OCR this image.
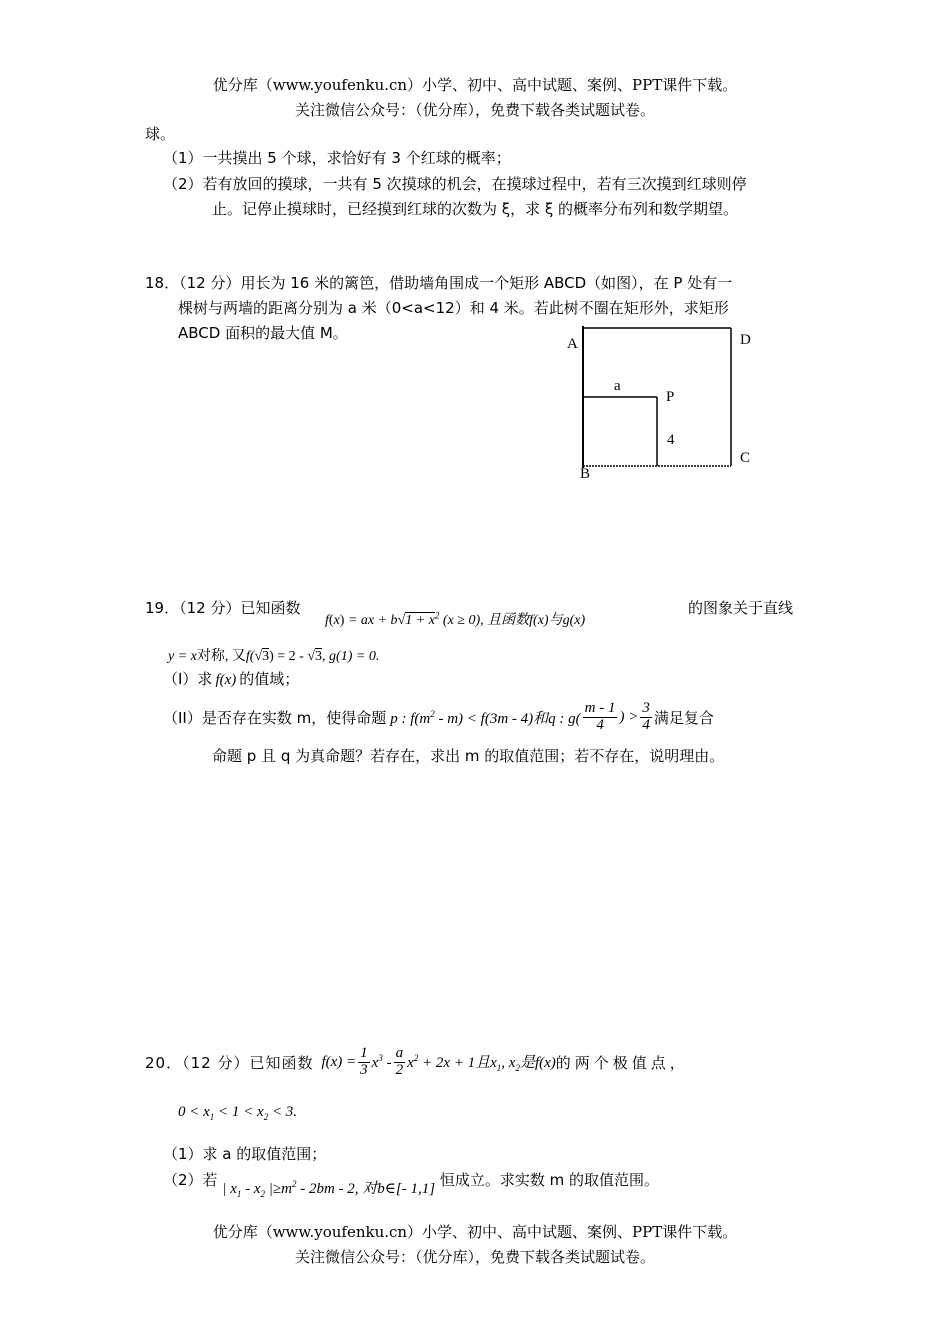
优分库（www.youfenku.cn）小学、初中、高中试题、案例、PPT课件下载。
关注微信公众号：（优分库），免费下载各类试题试卷。
球。
（1）一共摸出 5 个球，求恰好有 3 个红球的概率；
（2）若有放回的摸球，一共有 5 次摸球的机会，在摸球过程中，若有三次摸到红球则停
止。记停止摸球时，已经摸到红球的次数为 ξ，求 ξ 的概率分布列和数学期望。
18．（12 分）用长为 16 米的篱笆，借助墙角围成一个矩形 ABCD（如图），在 P 处有一
棵树与两墙的距离分别为 a 米（0<a<12）和 4 米。若此树不圈在矩形外，求矩形
ABCD 面积的最大值 M。
A
B
C
D
P
a
4
19．（12 分）已知函数
f(x) = ax + $b√1 + x^2$ (x ≥ 0), 且函数f(x)与g(x)
的图象关于直线
y = x对称, 又f(√3) = 2 - √3, g(1) = 0.
（I）求 f(x) 的值域；
（II）是否存在实数 m，使得命题 p : $f(m^2 - m) < f(3m - 4)$和q : $g( \frac{m - 1}{4}$ ) > $\frac{3}{4}$ 满足复合
命题 p 且 q 为真命题？若存在，求出 m 的取值范围；若不存在，说明理由。
20．（12 分）已知函数 $f(x) = \frac{1}{3} x^3 - \frac{a}{2} x^2 + 2x + 1$且$x_1$, $x_2$是f(x) 的两个极值点，
$0 < x_1 < 1 < x_2 < 3$.
（1）求 a 的取值范围；
（2）若 | $x_1 - x_2$ $|\ge m^2 - 2bm - 2$, 对b∈[- 1,1] 恒成立。求实数 m 的取值范围。
优分库（www.youfenku.cn）小学、初中、高中试题、案例、PPT课件下载。
关注微信公众号：（优分库），免费下载各类试题试卷。
